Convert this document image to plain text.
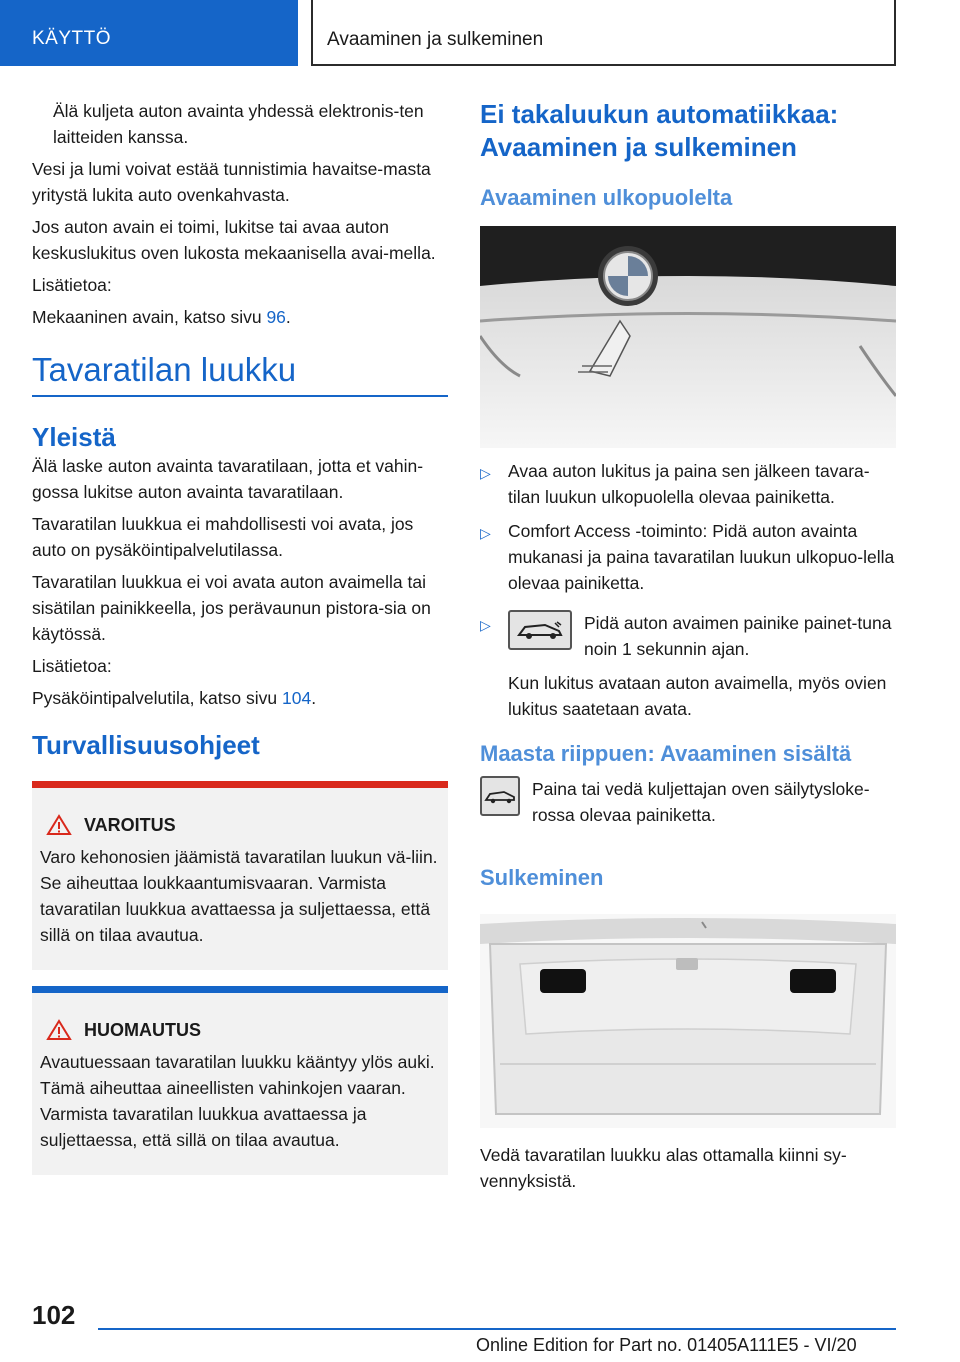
KÄYTTÖ	Avaaminen ja sulkeminen

Älä kuljeta auton avainta yhdessä elektronis-ten laitteiden kanssa.

Vesi ja lumi voivat estää tunnistimia havaitse-masta yritystä lukita auto ovenkahvasta.

Jos auton avain ei toimi, lukitse tai avaa auton keskuslukitus oven lukosta mekaanisella avai-mella.

Lisätietoa:

Mekaaninen avain, katso sivu 96.

Tavaratilan luukku
Yleistä

Älä laske auton avainta tavaratilaan, jotta et vahin-gossa lukitse auton avainta tavaratilaan.

Tavaratilan luukkua ei mahdollisesti voi avata, jos auto on pysäköintipalvelutilassa.

Tavaratilan luukkua ei voi avata auton avaimella tai sisätilan painikkeella, jos perävaunun pistora-sia on käytössä.

Lisätietoa:

Pysäköintipalvelutila, katso sivu 104.

Turvallisuusohjeet
VAROITUS

Varo kehonosien jäämistä tavaratilan luukun vä-liin. Se aiheuttaa loukkaantumisvaaran. Varmista tavaratilan luukkua avattaessa ja suljettaessa, että sillä on tilaa avautua.

HUOMAUTUS

Avautuessaan tavaratilan luukku kääntyy ylös auki. Tämä aiheuttaa aineellisten vahinkojen vaaran. Varmista tavaratilan luukkua avattaessa ja suljettaessa, että sillä on tilaa avautua.

Ei takaluukun automatiikkaa: Avaaminen ja sulkeminen
Avaaminen ulkopuolelta
▷ Avaa auton lukitus ja paina sen jälkeen tavara-tilan luukun ulkopuolella olevaa painiketta.
▷ Comfort Access -toiminto: Pidä auton avainta mukanasi ja paina tavaratilan luukun ulkopuo-lella olevaa painiketta.
▷	Pidä auton avaimen painike painet-tuna noin 1 sekunnin ajan.

Kun lukitus avataan auton avaimella, myös ovien lukitus saatetaan avata.

Maasta riippuen: Avaaminen sisältä
Paina tai vedä kuljettajan oven säilytysloke-rossa olevaa painiketta.
Sulkeminen

Vedä tavaratilan luukku alas ottamalla kiinni sy-vennyksistä.

102
Online Edition for Part no. 01405A111E5 - VI/20
